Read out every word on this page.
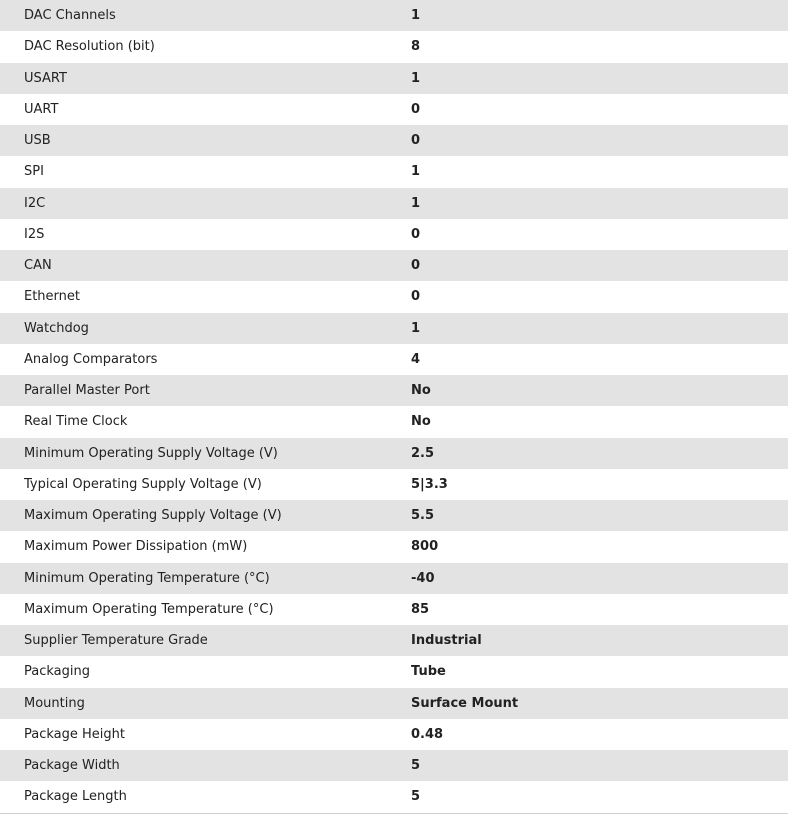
DAC Channels	1
DAC Resolution (bit)	8
USART	1
UART	0
USB	0
SPI	1
I2C	1
I2S	0
CAN	0
Ethernet	0
Watchdog	1
Analog Comparators	4
Parallel Master Port	No
Real Time Clock	No
Minimum Operating Supply Voltage (V)	2.5
Typical Operating Supply Voltage (V)	5|3.3
Maximum Operating Supply Voltage (V)	5.5
Maximum Power Dissipation (mW)	800
Minimum Operating Temperature (°C)	-40
Maximum Operating Temperature (°C)	85
Supplier Temperature Grade	Industrial
Packaging	Tube
Mounting	Surface Mount
Package Height	0.48
Package Width	5
Package Length	5
